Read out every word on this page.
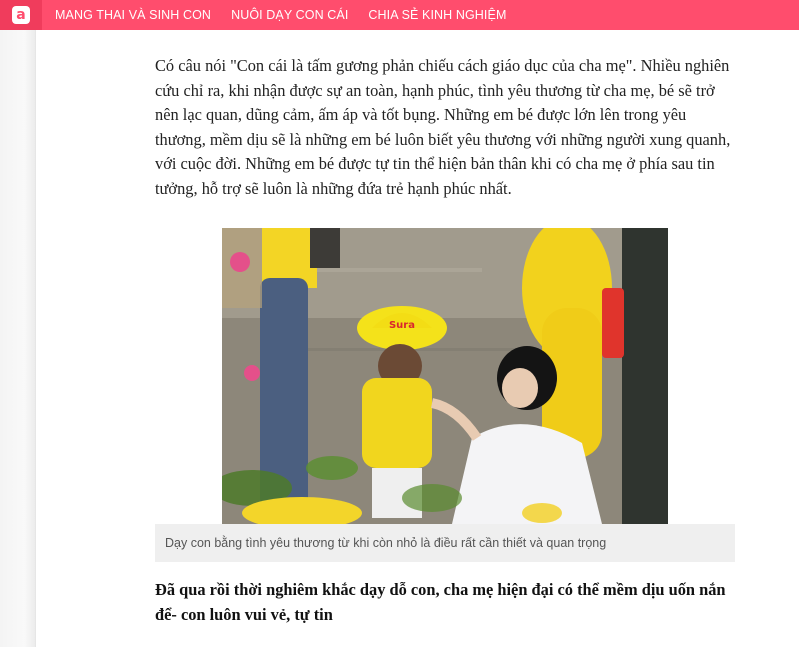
a	MANG THAI VÀ SINH CON NUÔI DẠY CON CÁI CHIA SẺ KINH NGHIỆM

Có câu nói "Con cái là tấm gương phản chiếu cách giáo dục của cha mẹ". Nhiều nghiên cứu chỉ ra, khi nhận được sự an toàn, hạnh phúc, tình yêu thương từ cha mẹ, bé sẽ trở nên lạc quan, dũng cảm, ấm áp và tốt bụng. Những em bé được lớn lên trong yêu thương, mềm dịu sẽ là những em bé luôn biết yêu thương với những người xung quanh, với cuộc đời. Những em bé được tự tin thể hiện bản thân khi có cha mẹ ở phía sau tin tưởng, hỗ trợ sẽ luôn là những đứa trẻ hạnh phúc nhất.

Sura
Dạy con bằng tình yêu thương từ khi còn nhỏ là điều rất cần thiết và quan trọng
Đã qua rồi thời nghiêm khắc dạy dỗ con, cha mẹ hiện đại có thể mềm dịu uốn nắn để- con luôn vui vẻ, tự tin
